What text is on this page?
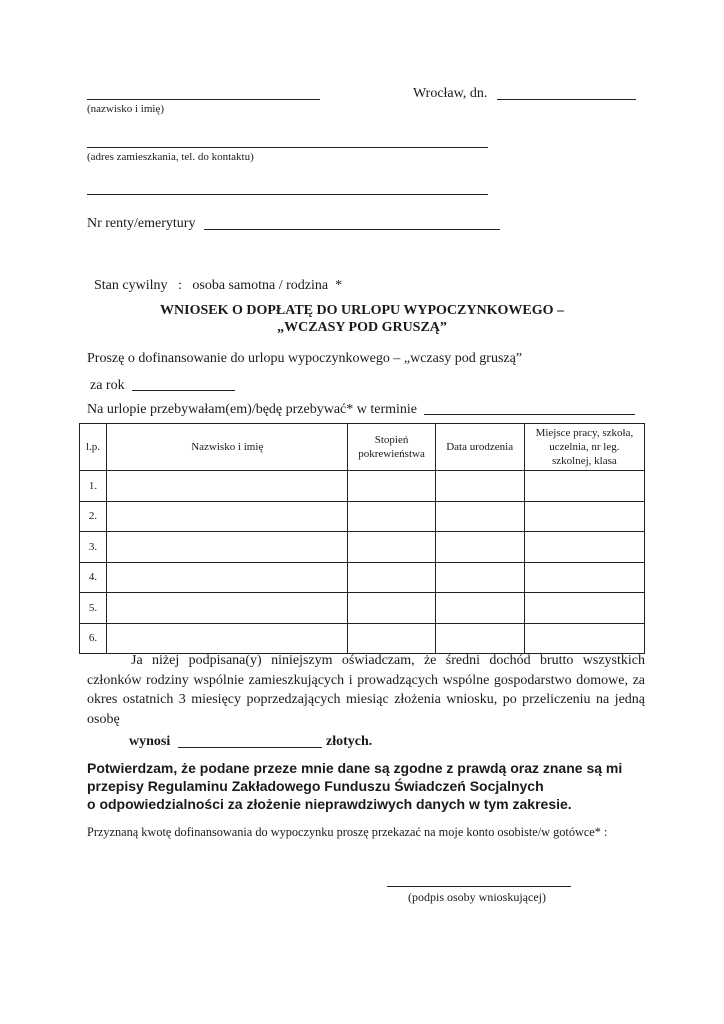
(nazwisko i imię)
Wrocław, dn.
(adres zamieszkania, tel. do kontaktu)
Nr renty/emerytury

Stan cywilny : osoba samotna / rodzina *

WNIOSEK O DOPŁATĘ DO URLOPU WYPOCZYNKOWEGO –
„WCZASY POD GRUSZĄ”
Proszę o dofinansowanie do urlopu wypoczynkowego – „wczasy pod gruszą”
za rok
Na urlopie przebywałam(em)/będę przebywać* w terminie
l.p.	Nazwisko i imię	Stopień pokrewieństwa	Data urodzenia	Miejsce pracy, szkoła, uczelnia, nr leg. szkolnej, klasa
1.				
2.				
3.				
4.				
5.				
6.				
Ja niżej podpisana(y) niniejszym oświadczam, że średni dochód brutto wszystkich członków rodziny wspólnie zamieszkujących i prowadzących wspólne gospodarstwo domowe, za okres ostatnich 3 miesięcy poprzedzających miesiąc złożenia wniosku, po przeliczeniu na jedną osobę
wynosi	złotych.
Potwierdzam, że podane przeze mnie dane są zgodne z prawdą oraz znane są mi
przepisy Regulaminu Zakładowego Funduszu Świadczeń Socjalnych
o odpowiedzialności za złożenie nieprawdziwych danych w tym zakresie.
Przyznaną kwotę dofinansowania do wypoczynku proszę przekazać na moje konto osobiste/w gotówce* :
(podpis osoby wnioskującej)
